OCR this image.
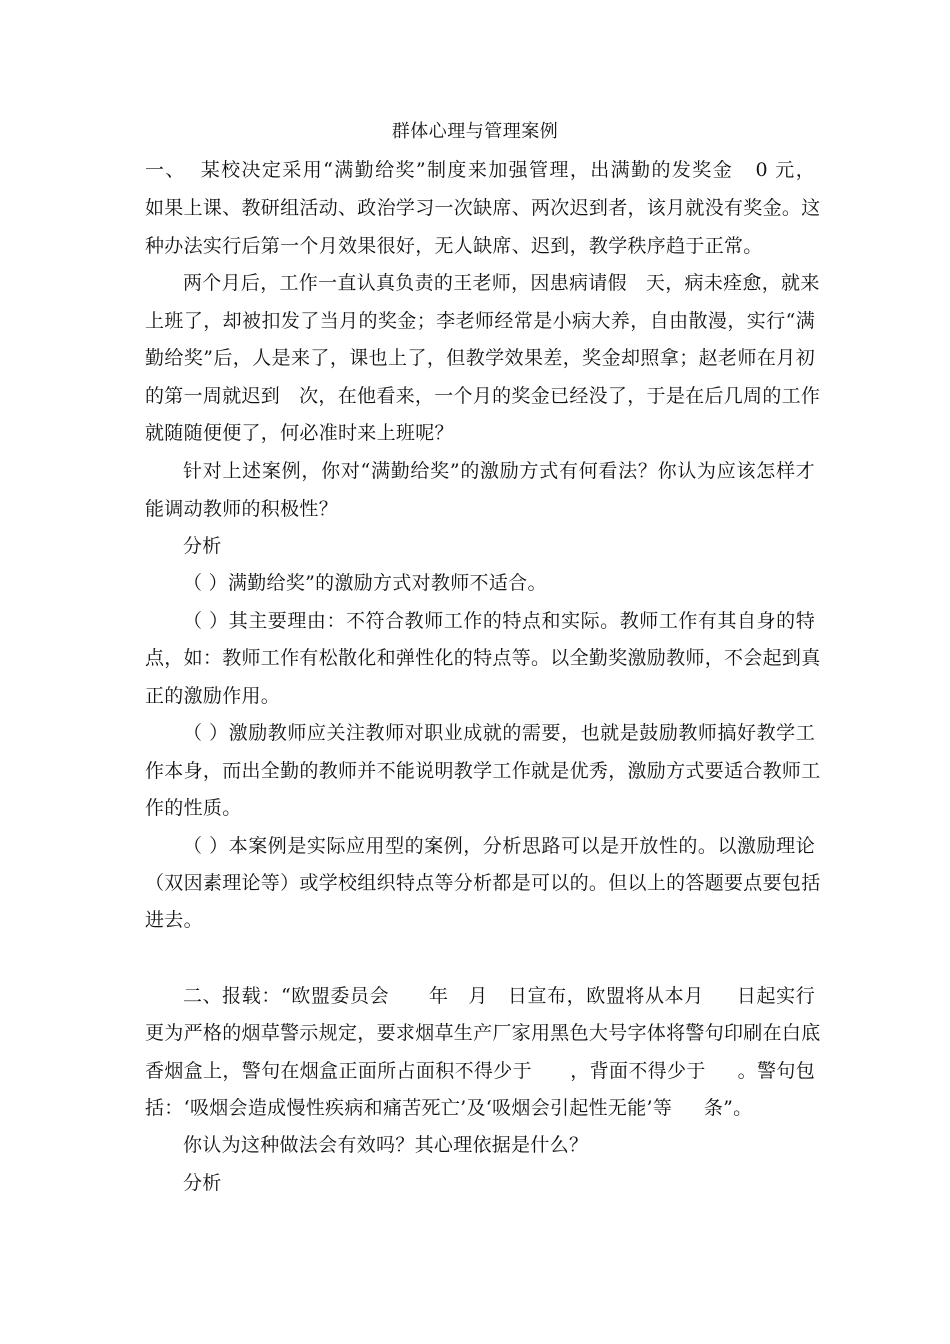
群体心理与管理案例
一、  某校决定采用“满勤给奖”制度来加强管理，出满勤的发奖金   0 元，
如果上课、教研组活动、政治学习一次缺席、两次迟到者，该月就没有奖金。这
种办法实行后第一个月效果很好，无人缺席、迟到，教学秩序趋于正常。
两个月后，工作一直认真负责的王老师，因患病请假   天，病未痊愈，就来
上班了，却被扣发了当月的奖金；李老师经常是小病大养，自由散漫，实行“满
勤给奖”后，人是来了，课也上了，但教学效果差，奖金却照拿；赵老师在月初
的第一周就迟到   次，在他看来，一个月的奖金已经没了，于是在后几周的工作
就随随便便了，何必准时来上班呢？
针对上述案例，你对“满勤给奖”的激励方式有何看法？你认为应该怎样才
能调动教师的积极性？
分析
（ ）满勤给奖”的激励方式对教师不适合。
（ ）其主要理由：不符合教师工作的特点和实际。教师工作有其自身的特
点，如：教师工作有松散化和弹性化的特点等。以全勤奖激励教师，不会起到真
正的激励作用。
（ ）激励教师应关注教师对职业成就的需要，也就是鼓励教师搞好教学工
作本身，而出全勤的教师并不能说明教学工作就是优秀，激励方式要适合教师工
作的性质。
（ ）本案例是实际应用型的案例，分析思路可以是开放性的。以激励理论
（双因素理论等）或学校组织特点等分析都是可以的。但以上的答题要点要包括
进去。
二、报载：“欧盟委员会      年   月   日宣布，欧盟将从本月     日起实行
更为严格的烟草警示规定，要求烟草生产厂家用黑色大号字体将警句印刷在白底
香烟盒上，警句在烟盒正面所占面积不得少于      ，背面不得少于     。警句包
括：‘吸烟会造成慢性疾病和痛苦死亡’及‘吸烟会引起性无能’等     条”。
你认为这种做法会有效吗？其心理依据是什么？
分析
